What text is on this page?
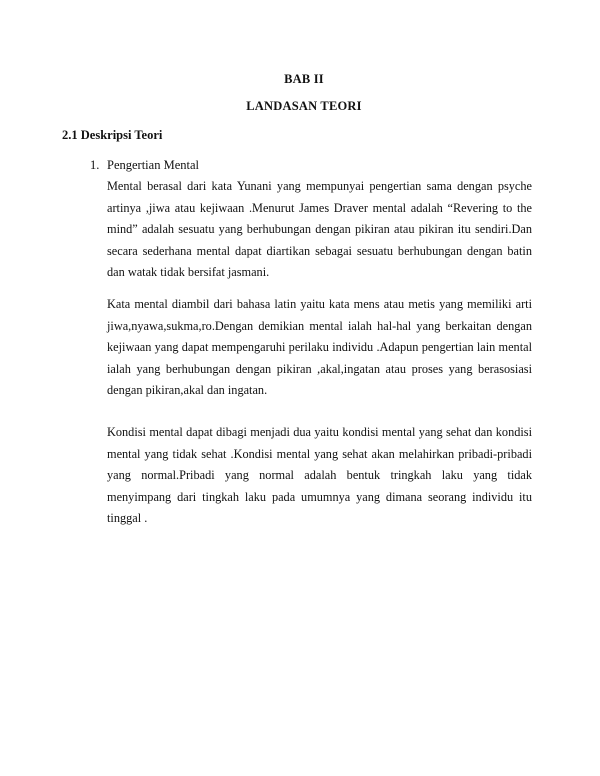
BAB II
LANDASAN TEORI
2.1 Deskripsi Teori
1. Pengertian Mental

Mental berasal dari kata Yunani yang mempunyai pengertian sama dengan psyche artinya ,jiwa atau kejiwaan .Menurut James Draver mental adalah “Revering to the mind” adalah sesuatu yang berhubungan dengan pikiran atau pikiran itu sendiri.Dan secara sederhana mental dapat diartikan sebagai sesuatu berhubungan dengan batin dan watak tidak bersifat jasmani.

Kata mental diambil dari bahasa latin yaitu kata mens atau metis yang memiliki arti jiwa,nyawa,sukma,ro.Dengan demikian mental ialah hal-hal yang berkaitan dengan kejiwaan yang dapat mempengaruhi perilaku individu .Adapun pengertian lain mental ialah yang berhubungan dengan pikiran ,akal,ingatan atau proses yang berasosiasi dengan pikiran,akal dan ingatan.

Kondisi mental dapat dibagi menjadi dua yaitu kondisi mental yang sehat dan kondisi mental yang tidak sehat .Kondisi mental yang sehat akan melahirkan pribadi-pribadi yang normal.Pribadi yang normal adalah bentuk tringkah laku yang tidak menyimpang dari tingkah laku pada umumnya yang dimana seorang individu itu tinggal .
